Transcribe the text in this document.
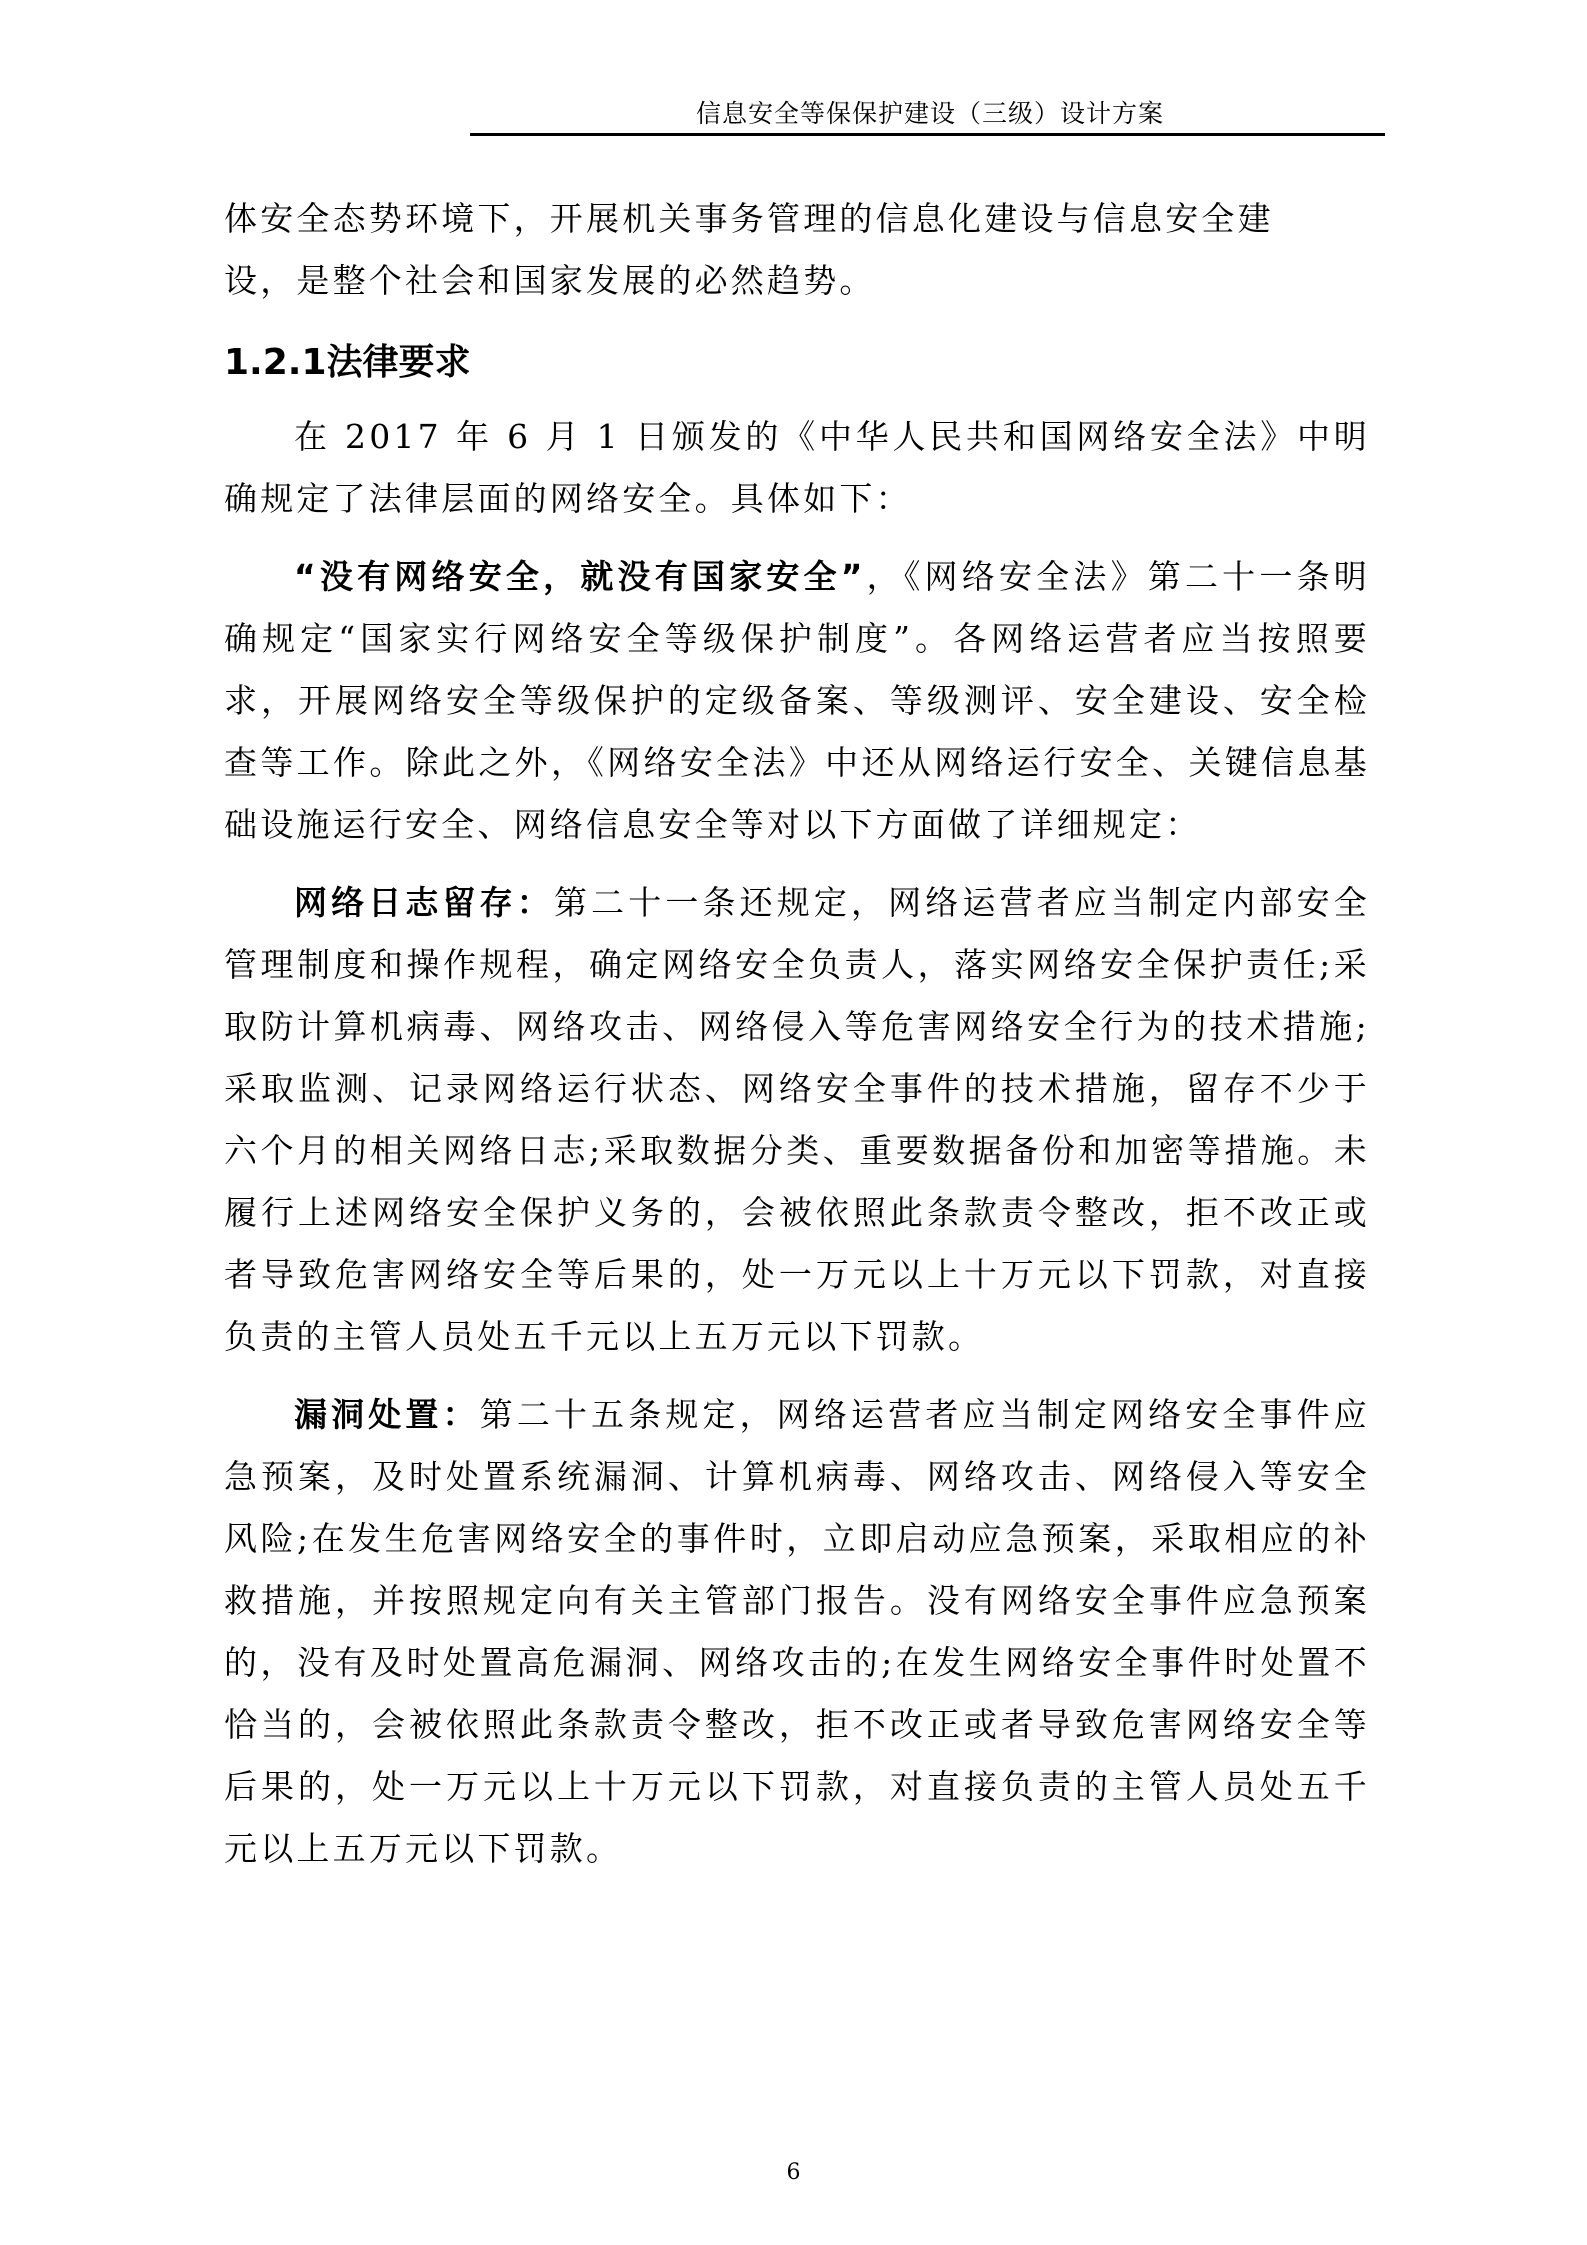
信息安全等保保护建设（三级）设计方案

体安全态势环境下，开展机关事务管理的信息化建设与信息安全建
设，是整个社会和国家发展的必然趋势。

1.2.1法律要求

在 2017 年 6 月 1 日颁发的《中华人民共和国网络安全法》中明确规定了法律层面的网络安全。具体如下：

“没有网络安全，就没有国家安全”，《网络安全法》第二十一条明确规定“国家实行网络安全等级保护制度”。各网络运营者应当按照要求，开展网络安全等级保护的定级备案、等级测评、安全建设、安全检查等工作。除此之外，《网络安全法》中还从网络运行安全、关键信息基础设施运行安全、网络信息安全等对以下方面做了详细规定：

网络日志留存：第二十一条还规定，网络运营者应当制定内部安全管理制度和操作规程，确定网络安全负责人，落实网络安全保护责任;采取防计算机病毒、网络攻击、网络侵入等危害网络安全行为的技术措施;采取监测、记录网络运行状态、网络安全事件的技术措施，留存不少于六个月的相关网络日志;采取数据分类、重要数据备份和加密等措施。未履行上述网络安全保护义务的，会被依照此条款责令整改，拒不改正或者导致危害网络安全等后果的，处一万元以上十万元以下罚款，对直接负责的主管人员处五千元以上五万元以下罚款。

漏洞处置：第二十五条规定，网络运营者应当制定网络安全事件应急预案，及时处置系统漏洞、计算机病毒、网络攻击、网络侵入等安全风险;在发生危害网络安全的事件时，立即启动应急预案，采取相应的补救措施，并按照规定向有关主管部门报告。没有网络安全事件应急预案的，没有及时处置高危漏洞、网络攻击的;在发生网络安全事件时处置不恰当的，会被依照此条款责令整改，拒不改正或者导致危害网络安全等后果的，处一万元以上十万元以下罚款，对直接负责的主管人员处五千元以上五万元以下罚款。

6
